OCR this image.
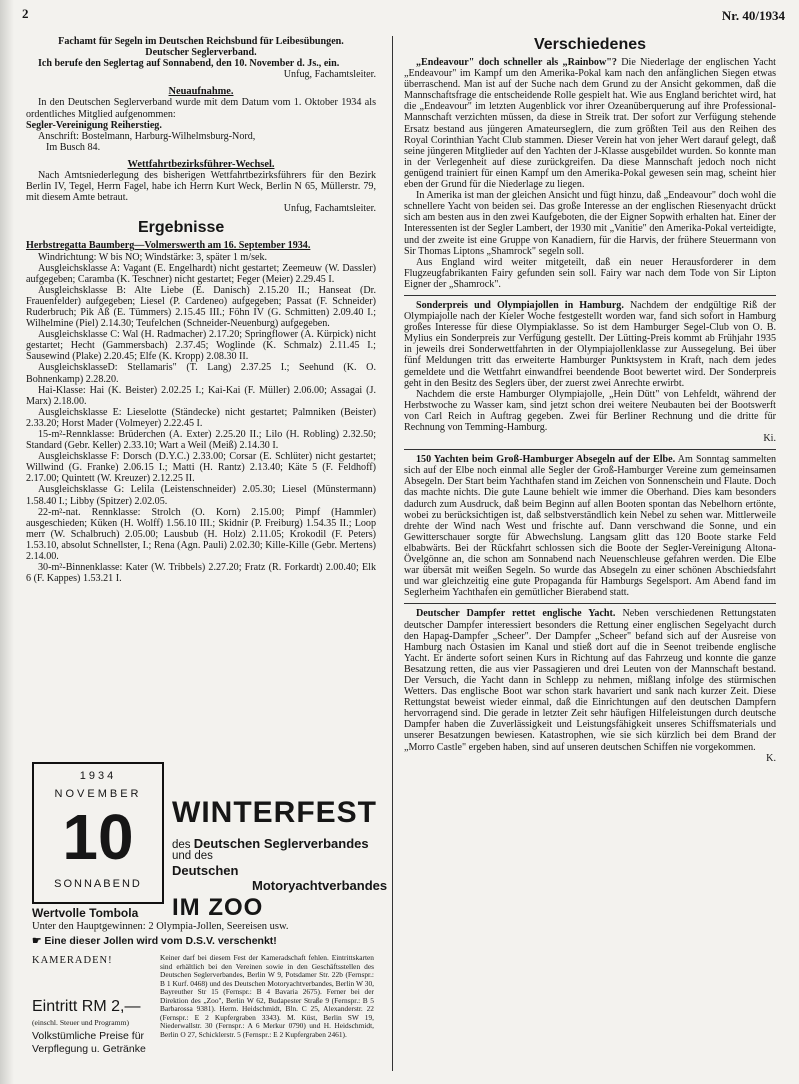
2	Nr. 40/1934

Fachamt für Segeln im Deutschen Reichsbund für Leibesübungen.

Deutscher Seglerverband.

Ich berufe den Seglertag auf Sonnabend, den 10. November d. Js., ein.

Unfug, Fachamtsleiter.

Neuaufnahme.

In den Deutschen Seglerverband wurde mit dem Datum vom 1. Oktober 1934 als ordentliches Mitglied aufgenommen:

Segler-Vereinigung Reiherstieg.

Anschrift: Bostelmann, Harburg-Wilhelmsburg-Nord,

Im Busch 84.

Wettfahrtbezirksführer-Wechsel.

Nach Amtsniederlegung des bisherigen Wettfahrtbezirksführers für den Bezirk Berlin IV, Tegel, Herrn Fagel, habe ich Herrn Kurt Weck, Berlin N 65, Müllerstr. 79, mit diesem Amte betraut.

Unfug, Fachamtsleiter.

Ergebnisse

Herbstregatta Baumberg—Volmerswerth am 16. September 1934.

Windrichtung: W bis NO; Windstärke: 3, später 1 m/sek.

Ausgleichsklasse A: Vagant (E. Engelhardt) nicht gestartet; Zeemeuw (W. Dassler) aufgegeben; Caramba (K. Teschner) nicht gestartet; Feger (Meier) 2.29.45 I.

Ausgleichsklasse B: Alte Liebe (E. Danisch) 2.15.20 II.; Hanseat (Dr. Frauenfelder) aufgegeben; Liesel (P. Cardeneo) aufgegeben; Passat (F. Schneider) Ruderbruch; Pik Aß (E. Tümmers) 2.15.45 III.; Föhn IV (G. Schmitten) 2.09.40 I.; Wilhelmine (Piel) 2.14.30; Teufelchen (Schneider-Neuenburg) aufgegeben.

Ausgleichsklasse C: Wal (H. Radmacher) 2.17.20; Springflower (A. Kürpick) nicht gestartet; Hecht (Gammersbach) 2.37.45; Woglinde (K. Schmalz) 2.11.45 I.; Sausewind (Plake) 2.20.45; Elfe (K. Kropp) 2.08.30 II.

AusgleichsklasseD: Stellamaris" (T. Lang) 2.37.25 I.; Seehund (K. O. Bohnenkamp) 2.28.20.

Hai-Klasse: Hai (K. Beister) 2.02.25 I.; Kai-Kai (F. Müller) 2.06.00; Assagai (J. Marx) 2.18.00.

Ausgleichsklasse E: Lieselotte (Ständecke) nicht gestartet; Palmniken (Beister) 2.33.20; Horst Mader (Volmeyer) 2.22.45 I.

15-m²-Rennklasse: Brüderchen (A. Exter) 2.25.20 II.; Lilo (H. Robling) 2.32.50; Standard (Gebr. Keller) 2.33.10; Wart a Weil (Meiß) 2.14.30 I.

Ausgleichsklasse F: Dorsch (D.Y.C.) 2.33.00; Corsar (E. Schlüter) nicht gestartet; Willwind (G. Franke) 2.06.15 I.; Matti (H. Rantz) 2.13.40; Käte 5 (F. Feldhoff) 2.17.00; Quintett (W. Kreuzer) 2.12.25 II.

Ausgleichsklasse G: Lelila (Leistenschneider) 2.05.30; Liesel (Münstermann) 1.58.40 I.; Libby (Spitzer) 2.02.05.

22-m²-nat. Rennklasse: Strolch (O. Korn) 2.15.00; Pimpf (Hammler) ausgeschieden; Küken (H. Wolff) 1.56.10 III.; Skidnir (P. Freiburg) 1.54.35 II.; Loop merr (W. Schalbruch) 2.05.00; Lausbub (H. Holz) 2.11.05; Krokodil (F. Peters) 1.53.10, absolut Schnellster, I.; Rena (Agn. Pauli) 2.02.30; Kille-Kille (Gebr. Mertens) 2.14.00.

30-m²-Binnenklasse: Kater (W. Tribbels) 2.27.20; Fratz (R. Forkardt) 2.00.40; Elk 6 (F. Kappes) 1.53.21 I.

1934
NOVEMBER
10
SONNABEND
WINTERFEST
des Deutschen Seglerverbandes
und des
Deutschen
Motoryachtverbandes
IM ZOO
Wertvolle Tombola
Unter den Hauptgewinnen: 2 Olympia-Jollen, Seereisen usw.
☛ Eine dieser Jollen wird vom D.S.V. verschenkt!
KAMERADEN!	Keiner darf bei diesem Fest der Kameradschaft fehlen. Eintrittskarten sind erhältlich bei den Vereinen sowie in den Geschäftsstellen des Deutschen Seglerverbandes, Berlin W 9, Potsdamer Str. 22b (Fernspr.: B 1 Kurf. 0468) und des Deutschen Motoryachtverbandes, Berlin W 30, Bayreuther Str 15 (Fernspr.: B 4 Bavaria 2675). Ferner bei der Direktion des „Zoo", Berlin W 62, Budapester Straße 9 (Fernspr.: B 5 Barbarossa 9381). Herm. Heidschmidt, Bln. C 25, Alexanderstr. 22 (Fernspr.: E 2 Kupfergraben 3343). M. Küst, Berlin SW 19, Niederwallstr. 30 (Fernspr.: A 6 Merkur 0790) und H. Heidschmidt, Berlin O 27, Schicklerstr. 5 (Fernspr.: E 2 Kupfergraben 2461).
Eintritt RM 2,—
(einschl. Steuer und Programm)
Volkstümliche Preise für
Verpflegung u. Getränke
Verschiedenes

„Endeavour" doch schneller als „Rainbow"? Die Niederlage der englischen Yacht „Endeavour" im Kampf um den Amerika-Pokal kam nach den anfänglichen Siegen etwas überraschend. Man ist auf der Suche nach dem Grund zu der Ansicht gekommen, daß die Mannschaftsfrage die entscheidende Rolle gespielt hat. Wie aus England berichtet wird, hat die „Endeavour" im letzten Augenblick vor ihrer Ozeanüberquerung auf ihre Professional-Mannschaft verzichten müssen, da diese in Streik trat. Der sofort zur Verfügung stehende Ersatz bestand aus jüngeren Amateurseglern, die zum größten Teil aus den Reihen des Royal Corinthian Yacht Club stammen. Dieser Verein hat von jeher Wert darauf gelegt, daß seine jüngeren Mitglieder auf den Yachten der J-Klasse ausgebildet wurden. So konnte man in der Verlegenheit auf diese zurückgreifen. Da diese Mannschaft jedoch noch nicht genügend trainiert für einen Kampf um den Amerika-Pokal gewesen sein mag, scheint hier eben der Grund für die Niederlage zu liegen.

In Amerika ist man der gleichen Ansicht und fügt hinzu, daß „Endeavour" doch wohl die schnellere Yacht von beiden sei. Das große Interesse an der englischen Riesenyacht drückt sich am besten aus in den zwei Kaufgeboten, die der Eigner Sopwith erhalten hat. Einer der Interessenten ist der Segler Lambert, der 1930 mit „Vanitie" den Amerika-Pokal verteidigte, und der zweite ist eine Gruppe von Kanadiern, für die Harvis, der frühere Steuermann von Sir Thomas Liptons „Shamrock" segeln soll.

Aus England wird weiter mitgeteilt, daß ein neuer Herausforderer in dem Flugzeugfabrikanten Fairy gefunden sein soll. Fairy war nach dem Tode von Sir Lipton Eigner der „Shamrock".

Sonderpreis und Olympiajollen in Hamburg. Nachdem der endgültige Riß der Olympiajolle nach der Kieler Woche festgestellt worden war, fand sich sofort in Hamburg großes Interesse für diese Olympiaklasse. So ist dem Hamburger Segel-Club von O. B. Mylius ein Sonderpreis zur Verfügung gestellt. Der Lütting-Preis kommt ab Frühjahr 1935 in jeweils drei Sonderwettfahrten in der Olympiajollenklasse zur Aussegelung. Bei über fünf Meldungen tritt das erweiterte Hamburger Punktsystem in Kraft, nach dem jedes gemeldete und die Wettfahrt einwandfrei beendende Boot bewertet wird. Der Sonderpreis geht in den Besitz des Seglers über, der zuerst zwei Anrechte erwirbt.

Nachdem die erste Hamburger Olympiajolle, „Hein Dütt" von Lehfeldt, während der Herbstwoche zu Wasser kam, sind jetzt schon drei weitere Neubauten bei der Bootswerft von Carl Reich in Auftrag gegeben. Zwei für Berliner Rechnung und die dritte für Rechnung von Temming-Hamburg.

Ki.

150 Yachten beim Groß-Hamburger Absegeln auf der Elbe. Am Sonntag sammelten sich auf der Elbe noch einmal alle Segler der Groß-Hamburger Vereine zum gemeinsamen Absegeln. Der Start beim Yachthafen stand im Zeichen von Sonnenschein und Flaute. Doch das machte nichts. Die gute Laune behielt wie immer die Oberhand. Dies kam besonders dadurch zum Ausdruck, daß beim Beginn auf allen Booten spontan das Nebelhorn ertönte, wobei zu berücksichtigen ist, daß selbstverständlich kein Nebel zu sehen war. Mittlerweile drehte der Wind nach West und frischte auf. Dann verschwand die Sonne, und ein Gewitterschauer sorgte für Abwechslung. Langsam glitt das 120 Boote starke Feld elbabwärts. Bei der Rückfahrt schlossen sich die Boote der Segler-Vereinigung Altona-Övelgönne an, die schon am Sonnabend nach Neuenschleuse gefahren werden. Die Elbe war übersät mit weißen Segeln. So wurde das Absegeln zu einer schönen Abschiedsfahrt und war gleichzeitig eine gute Propaganda für Hamburgs Segelsport. Am Abend fand im Seglerheim Yachthafen ein gemütlicher Bierabend statt.

Deutscher Dampfer rettet englische Yacht. Neben verschiedenen Rettungstaten deutscher Dampfer interessiert besonders die Rettung einer englischen Segelyacht durch den Hapag-Dampfer „Scheer". Der Dampfer „Scheer" befand sich auf der Ausreise von Hamburg nach Ostasien im Kanal und stieß dort auf die in Seenot treibende englische Yacht. Er änderte sofort seinen Kurs in Richtung auf das Fahrzeug und konnte die ganze Besatzung retten, die aus vier Passagieren und drei Leuten von der Mannschaft bestand. Der Versuch, die Yacht dann in Schlepp zu nehmen, mißlang infolge des stürmischen Wetters. Das englische Boot war schon stark havariert und sank nach kurzer Zeit. Diese Rettungstat beweist wieder einmal, daß die Einrichtungen auf den deutschen Dampfern hervorragend sind. Die gerade in letzter Zeit sehr häufigen Hilfeleistungen durch deutsche Dampfer haben die Zuverlässigkeit und Leistungsfähigkeit unseres Schiffsmaterials und unserer Besatzungen bewiesen. Katastrophen, wie sie sich kürzlich bei dem Brand der „Morro Castle" ergeben haben, sind auf unseren deutschen Schiffen nie vorgekommen.

K.
